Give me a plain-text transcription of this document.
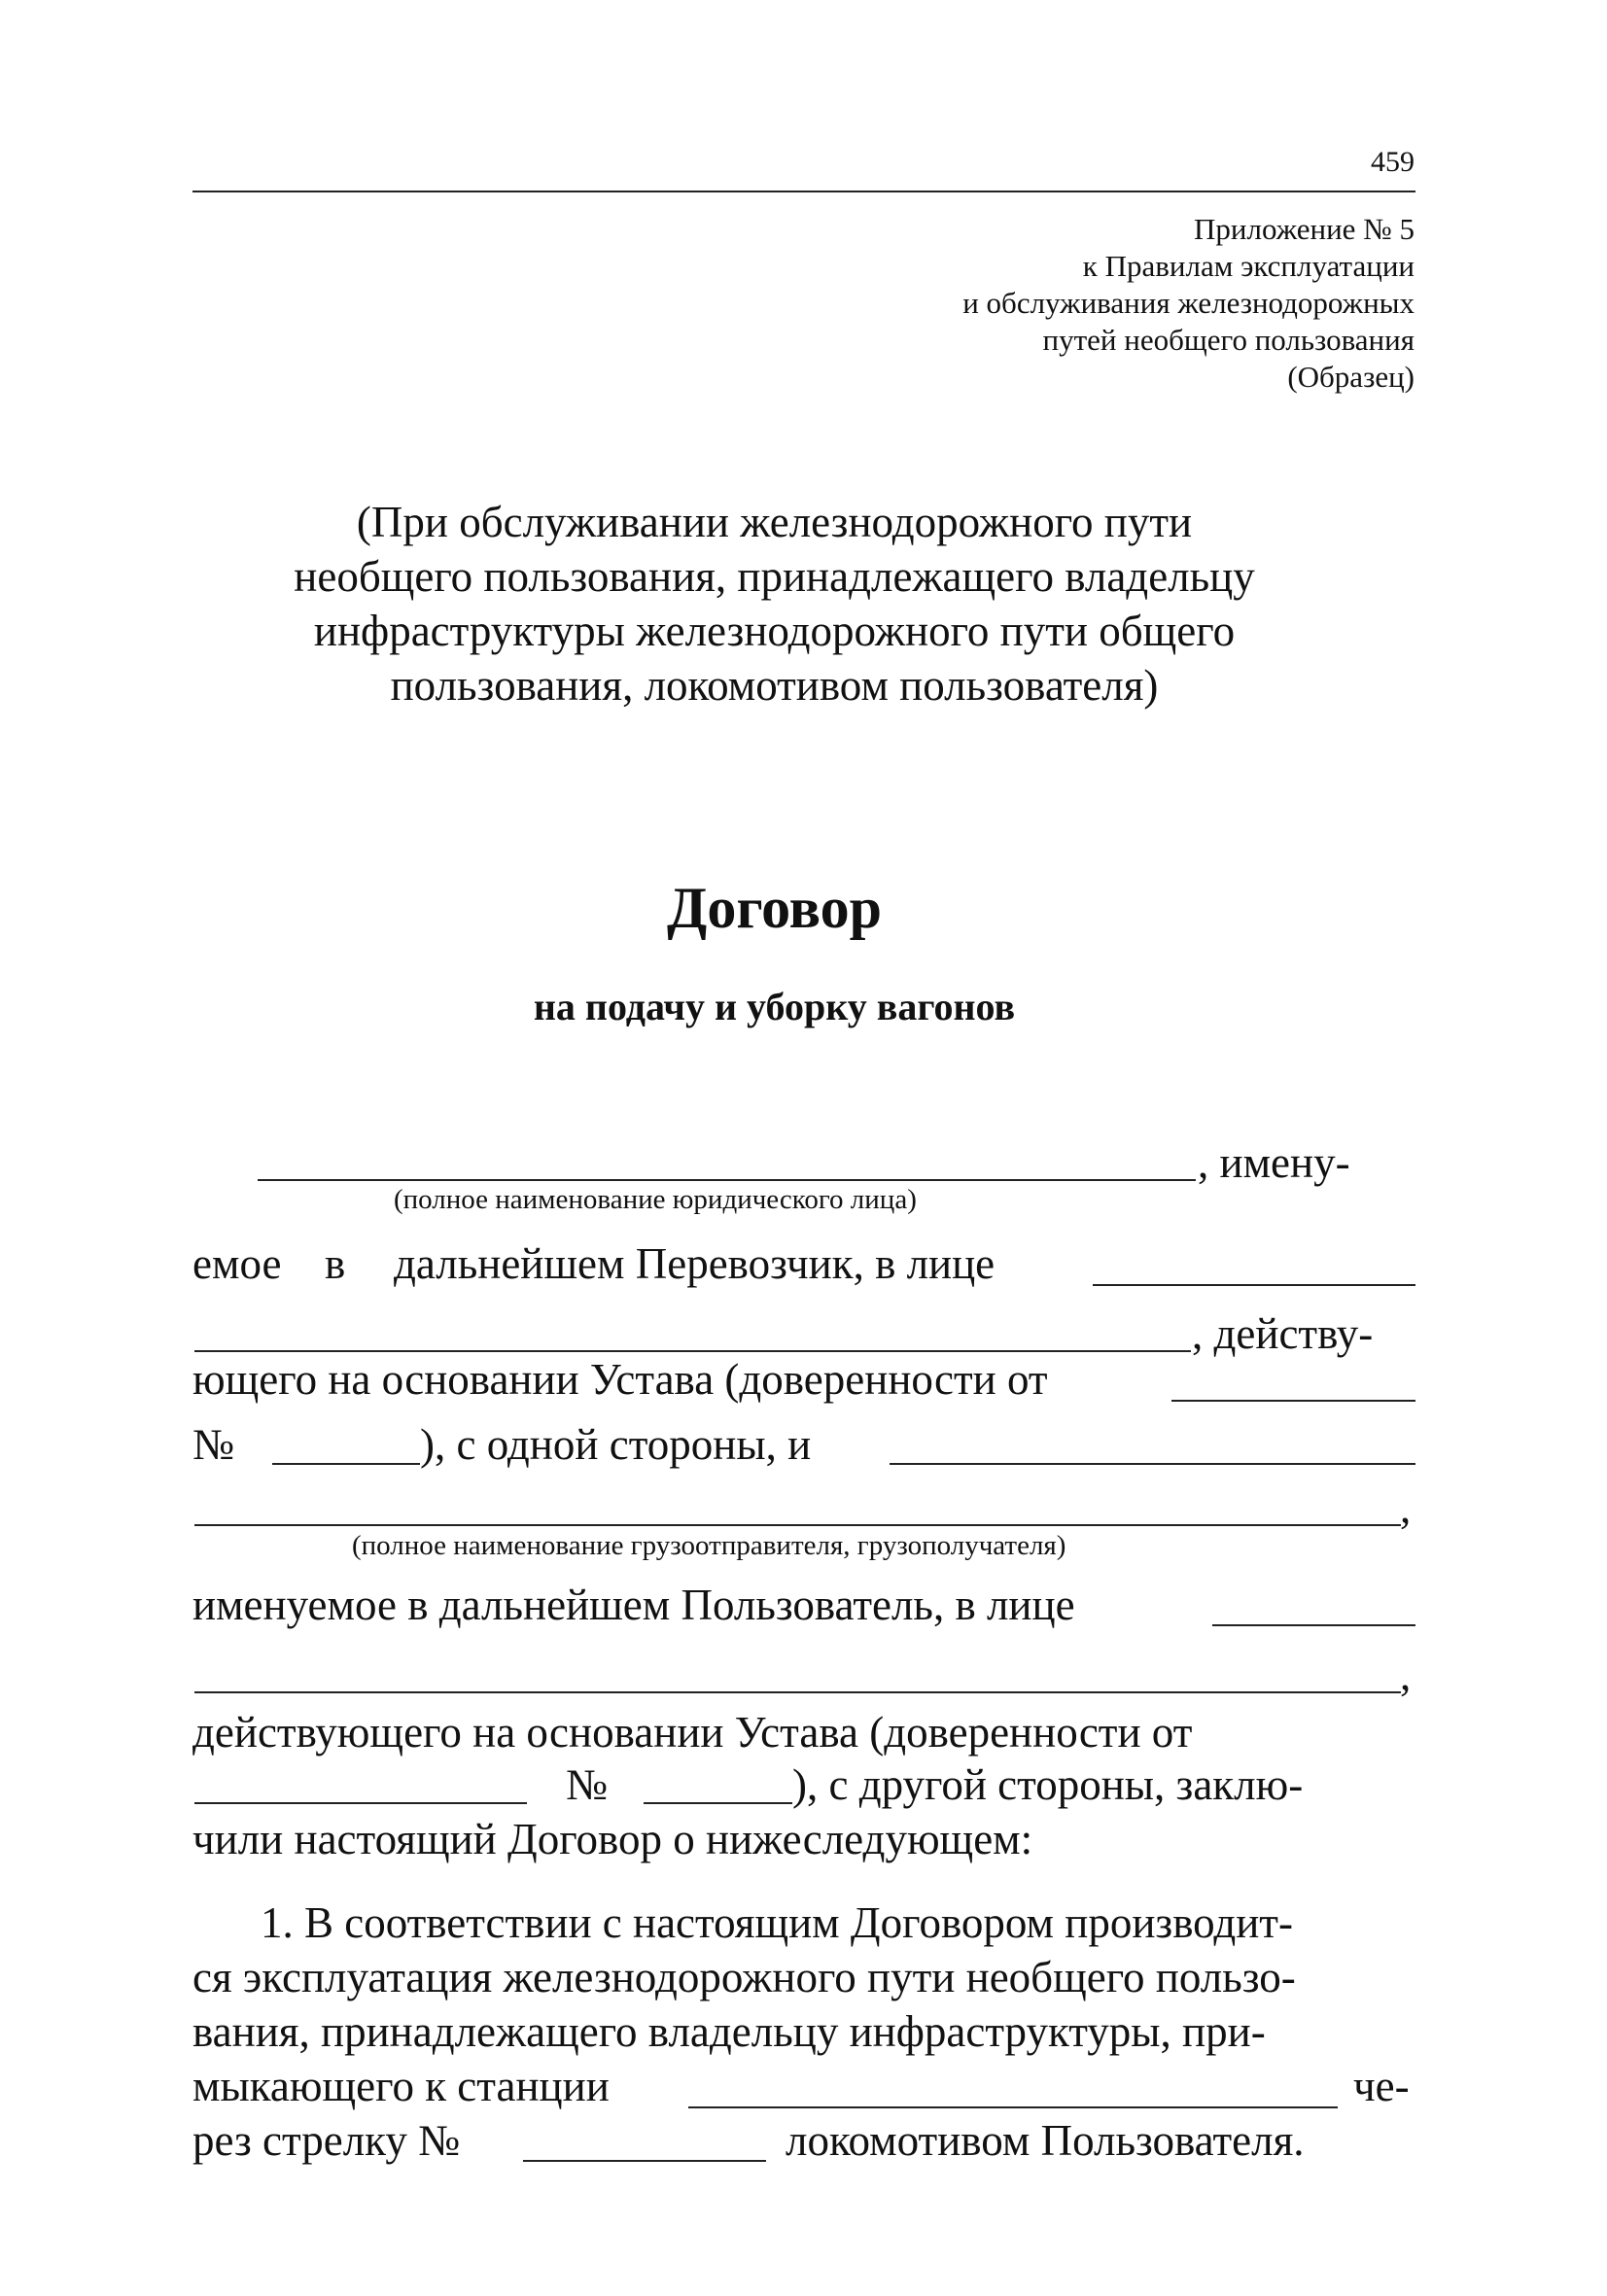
459
Приложение № 5
к Правилам эксплуатации
и обслуживания железнодорожных
путей необщего пользования
(Образец)
(При обслуживании железнодорожного пути
необщего пользования, принадлежащего владельцу
инфраструктуры железнодорожного пути общего
пользования, локомотивом пользователя)
Договор
на подачу и уборку вагонов
, имену-
(полное наименование юридического лица)
емое в дальнейшем Перевозчик, в лице
, действу-
ющего на основании Устава (доверенности от
№	), с одной стороны, и
,
(полное наименование грузоотправителя, грузополучателя)
именуемое в дальнейшем Пользователь, в лице
,
действующего на основании Устава (доверенности от
№	), с другой стороны, заклю-
чили настоящий Договор о нижеследующем:
1. В соответствии с настоящим Договором производит-
ся эксплуатация железнодорожного пути необщего пользо-
вания, принадлежащего владельцу инфраструктуры, при-
мыкающего к станции	че-
рез стрелку №	локомотивом Пользователя.
